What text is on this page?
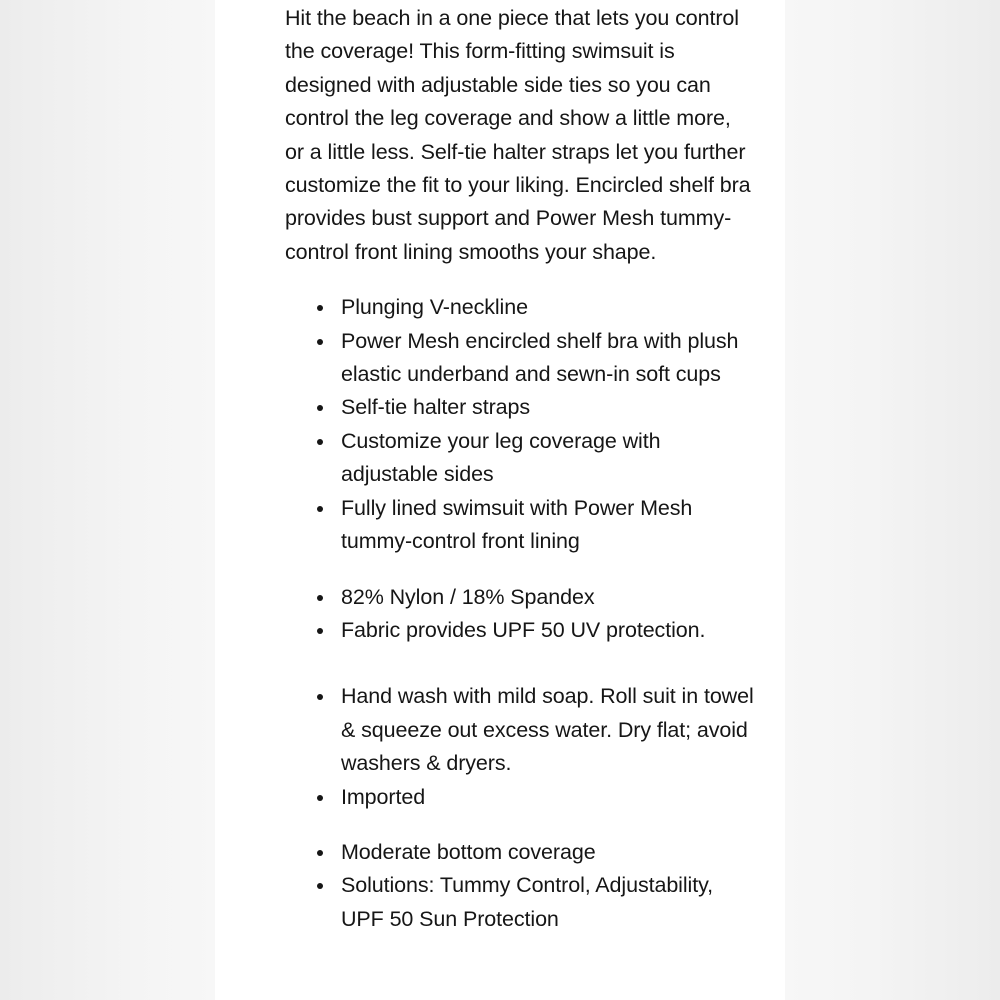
Hit the beach in a one piece that lets you control the coverage! This form-fitting swimsuit is designed with adjustable side ties so you can control the leg coverage and show a little more, or a little less. Self-tie halter straps let you further customize the fit to your liking. Encircled shelf bra provides bust support and Power Mesh tummy-control front lining smooths your shape.

Plunging V-neckline
Power Mesh encircled shelf bra with plush elastic underband and sewn-in soft cups
Self-tie halter straps
Customize your leg coverage with adjustable sides
Fully lined swimsuit with Power Mesh tummy-control front lining
82% Nylon / 18% Spandex
Fabric provides UPF 50 UV protection.
Hand wash with mild soap. Roll suit in towel & squeeze out excess water. Dry flat; avoid washers & dryers.
Imported
Moderate bottom coverage
Solutions: Tummy Control, Adjustability, UPF 50 Sun Protection
